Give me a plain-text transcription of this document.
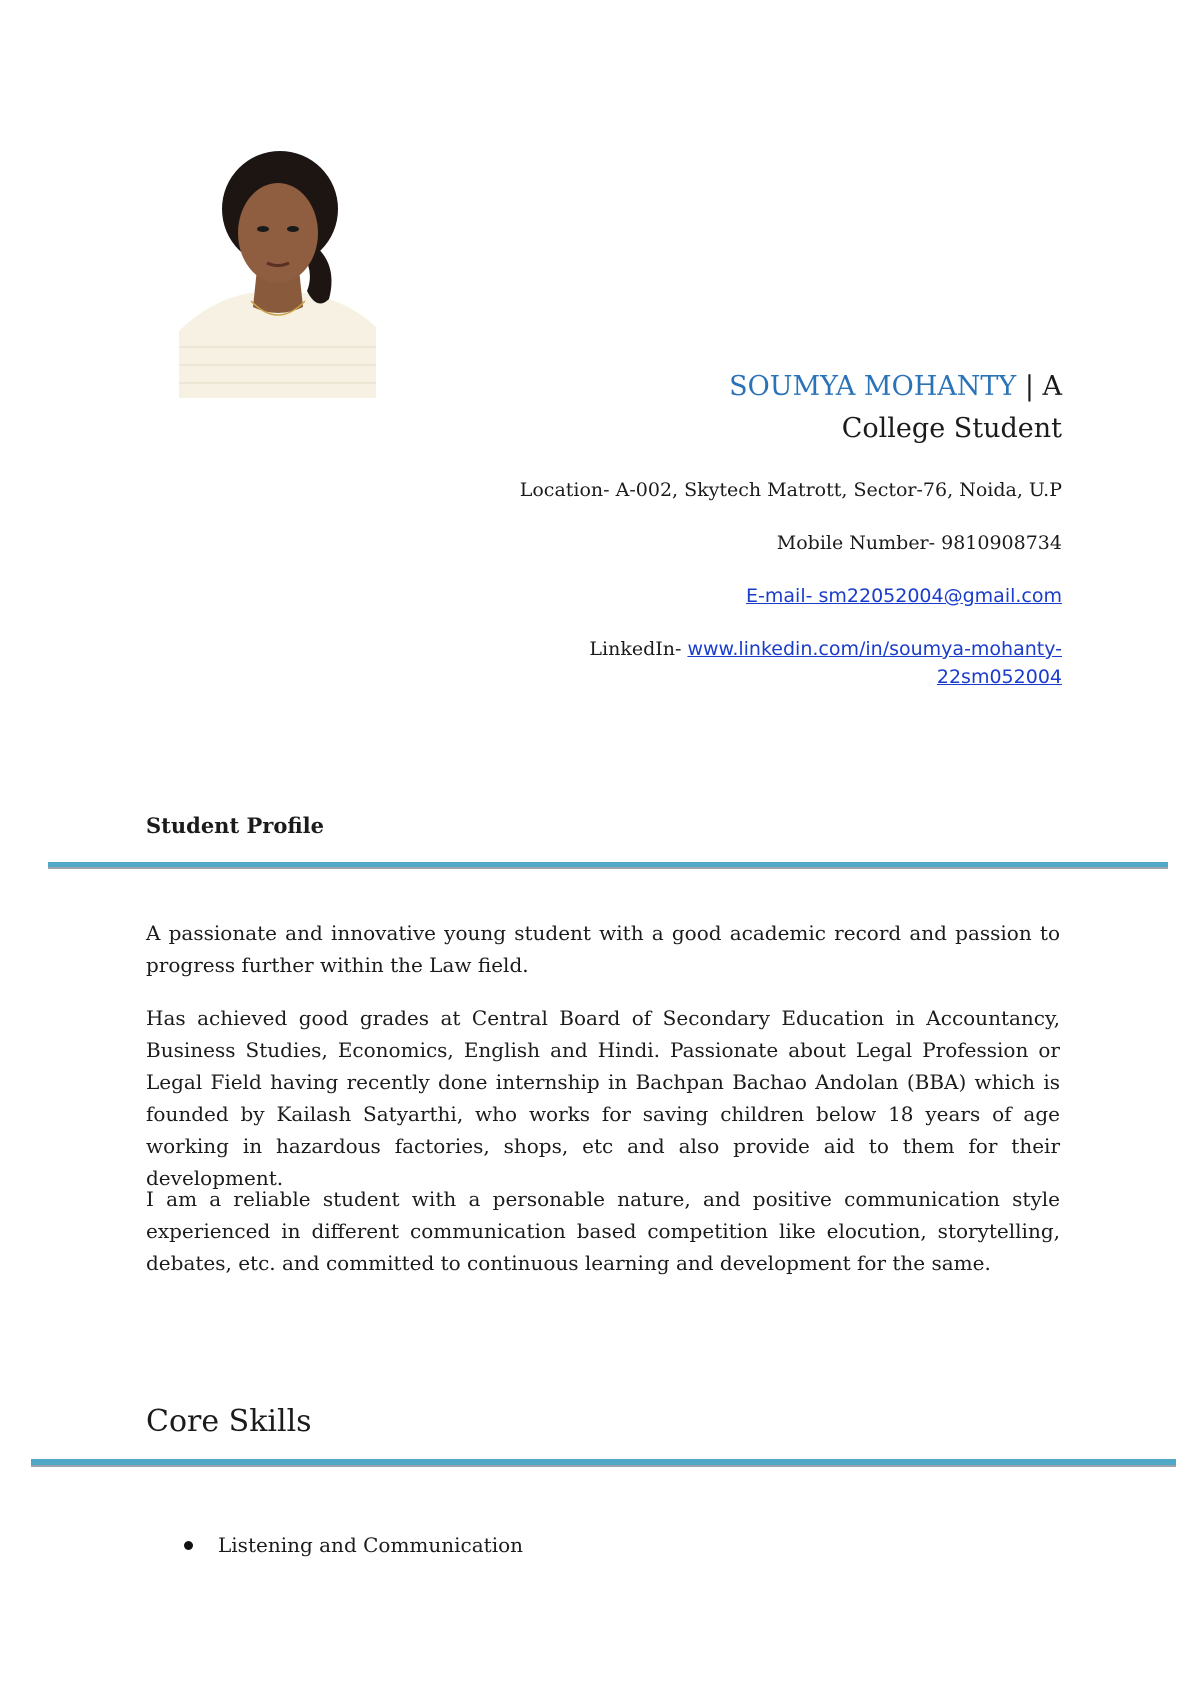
SOUMYA MOHANTY | A
College Student
Location- A-002, Skytech Matrott, Sector-76, Noida, U.P
Mobile Number- 9810908734
E-mail- sm22052004@gmail.com
LinkedIn- www.linkedin.com/in/soumya-mohanty-
22sm052004
Student Profile
A passionate and innovative young student with a good academic record and passion to progress further within the Law field.
Has achieved good grades at Central Board of Secondary Education in Accountancy, Business Studies, Economics, English and Hindi. Passionate about Legal Profession or Legal Field having recently done internship in Bachpan Bachao Andolan (BBA) which is founded by Kailash Satyarthi, who works for saving children below 18 years of age working in hazardous factories, shops, etc and also provide aid to them for their development.
I am a reliable student with a personable nature, and positive communication style experienced in different communication based competition like elocution, storytelling, debates, etc. and committed to continuous learning and development for the same.
Core Skills
Listening and Communication
